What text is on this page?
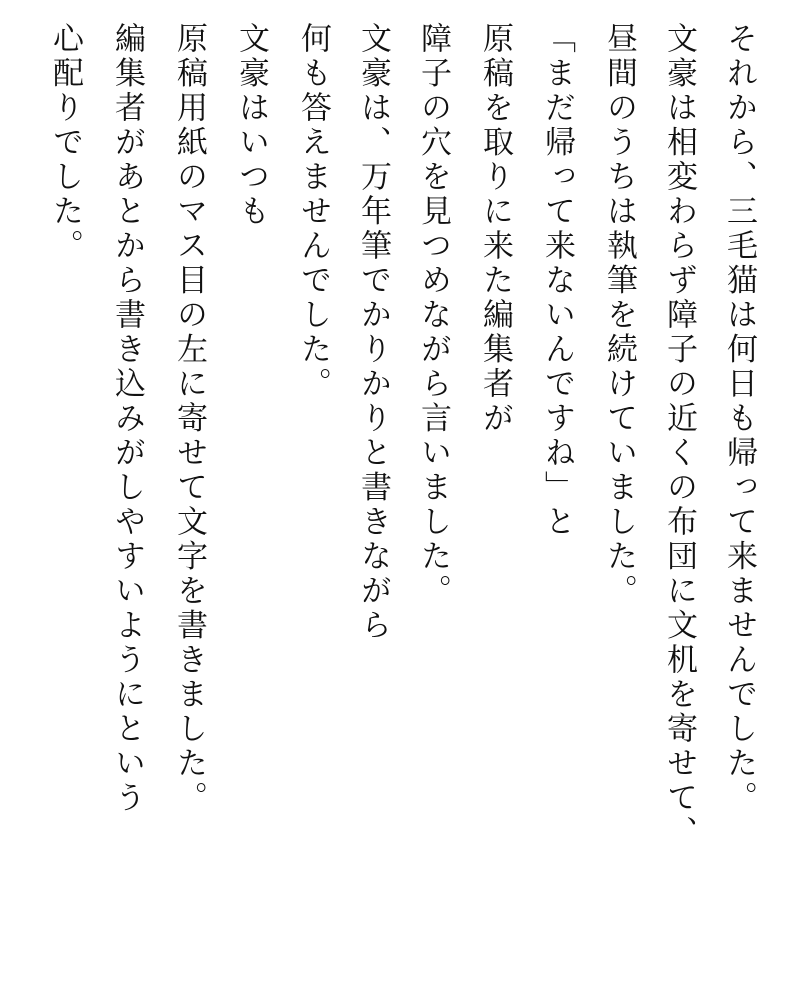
それから、三毛猫は何日も帰って来ませんでした。

文豪は相変わらず障子の近くの布団に文机を寄せて、

昼間のうちは執筆を続けていました。

「まだ帰って来ないんですね」と

原稿を取りに来た編集者が

障子の穴を見つめながら言いました。

文豪は、万年筆でかりかりと書きながら

何も答えませんでした。

文豪はいつも

原稿用紙のマス目の左に寄せて文字を書きました。

編集者があとから書き込みがしやすいようにという

心配りでした。
